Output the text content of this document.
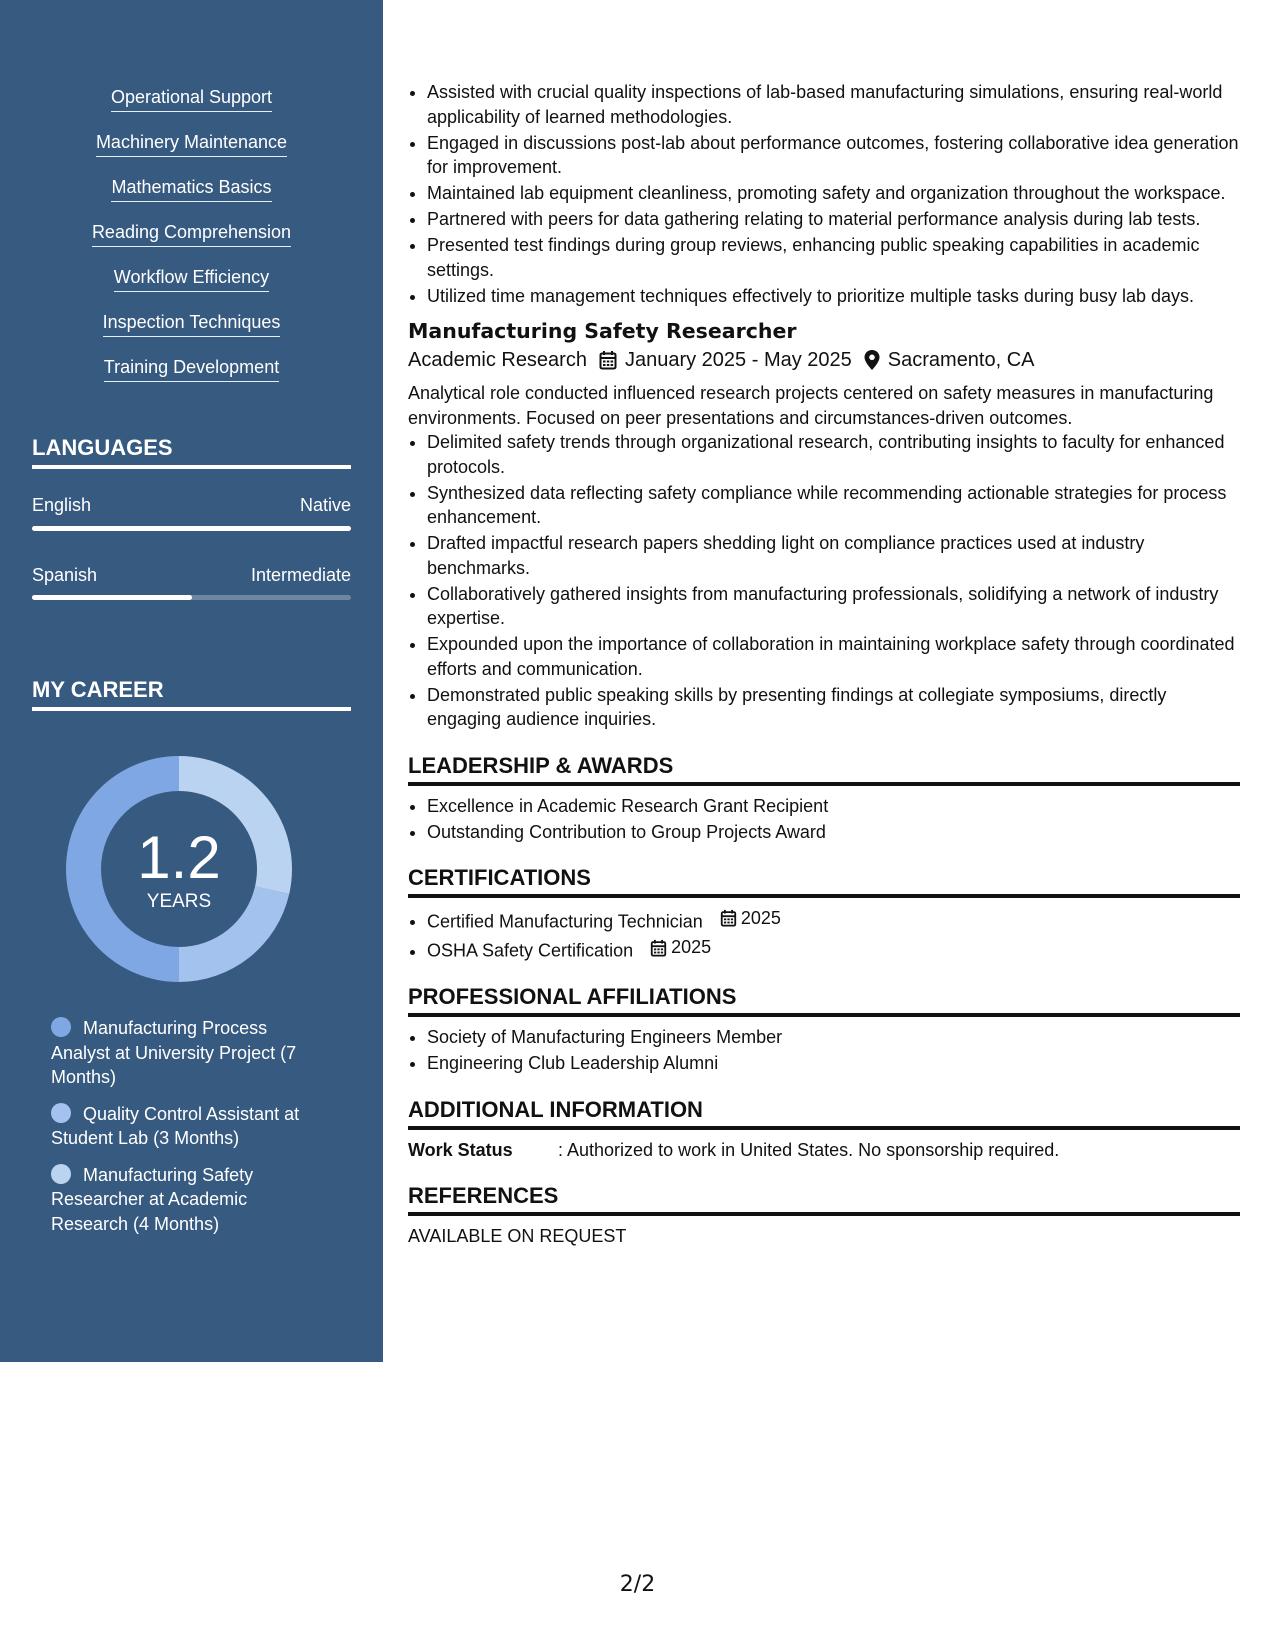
Operational Support
Machinery Maintenance
Mathematics Basics
Reading Comprehension
Workflow Efficiency
Inspection Techniques
Training Development
LANGUAGES
English	Native
Spanish	Intermediate
MY CAREER
1.2
YEARS
Manufacturing Process Analyst at University Project (7 Months)
Quality Control Assistant at Student Lab (3 Months)
Manufacturing Safety Researcher at Academic Research (4 Months)
• Assisted with crucial quality inspections of lab-based manufacturing simulations, ensuring real-world applicability of learned methodologies.
• Engaged in discussions post-lab about performance outcomes, fostering collaborative idea generation for improvement.
• Maintained lab equipment cleanliness, promoting safety and organization throughout the workspace.
• Partnered with peers for data gathering relating to material performance analysis during lab tests.
• Presented test findings during group reviews, enhancing public speaking capabilities in academic settings.
• Utilized time management techniques effectively to prioritize multiple tasks during busy lab days.
Manufacturing Safety Researcher
Academic Research January 2025 - May 2025 Sacramento, CA
Analytical role conducted influenced research projects centered on safety measures in manufacturing environments. Focused on peer presentations and circumstances-driven outcomes.
• Delimited safety trends through organizational research, contributing insights to faculty for enhanced protocols.
• Synthesized data reflecting safety compliance while recommending actionable strategies for process enhancement.
• Drafted impactful research papers shedding light on compliance practices used at industry benchmarks.
• Collaboratively gathered insights from manufacturing professionals, solidifying a network of industry expertise.
• Expounded upon the importance of collaboration in maintaining workplace safety through coordinated efforts and communication.
• Demonstrated public speaking skills by presenting findings at collegiate symposiums, directly engaging audience inquiries.
LEADERSHIP & AWARDS
• Excellence in Academic Research Grant Recipient
• Outstanding Contribution to Group Projects Award
CERTIFICATIONS
• Certified Manufacturing Technician 2025
• OSHA Safety Certification 2025
PROFESSIONAL AFFILIATIONS
• Society of Manufacturing Engineers Member
• Engineering Club Leadership Alumni
ADDITIONAL INFORMATION
Work Status	: Authorized to work in United States. No sponsorship required.
REFERENCES
AVAILABLE ON REQUEST
2/2
